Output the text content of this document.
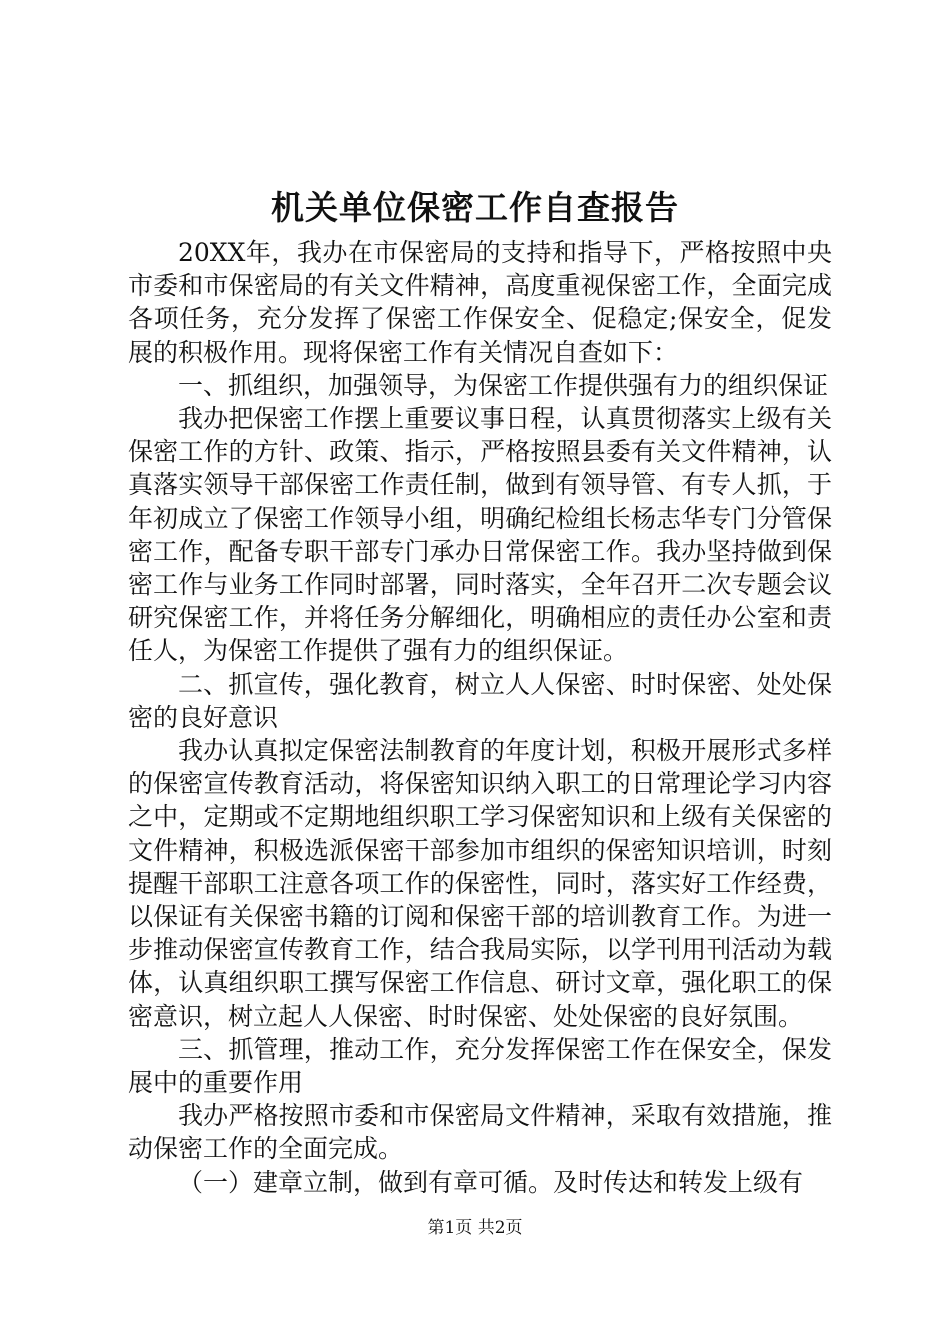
机关单位保密工作自查报告

20XX年，我办在市保密局的支持和指导下，严格按照中央市委和市保密局的有关文件精神，高度重视保密工作，全面完成各项任务，充分发挥了保密工作保安全、促稳定;保安全，促发展的积极作用。现将保密工作有关情况自查如下：

一、抓组织，加强领导，为保密工作提供强有力的组织保证

我办把保密工作摆上重要议事日程，认真贯彻落实上级有关保密工作的方针、政策、指示，严格按照县委有关文件精神，认真落实领导干部保密工作责任制，做到有领导管、有专人抓，于年初成立了保密工作领导小组，明确纪检组长杨志华专门分管保密工作，配备专职干部专门承办日常保密工作。我办坚持做到保密工作与业务工作同时部署，同时落实，全年召开二次专题会议研究保密工作，并将任务分解细化，明确相应的责任办公室和责任人，为保密工作提供了强有力的组织保证。

二、抓宣传，强化教育，树立人人保密、时时保密、处处保密的良好意识

我办认真拟定保密法制教育的年度计划，积极开展形式多样的保密宣传教育活动，将保密知识纳入职工的日常理论学习内容之中，定期或不定期地组织职工学习保密知识和上级有关保密的文件精神，积极选派保密干部参加市组织的保密知识培训，时刻提醒干部职工注意各项工作的保密性，同时，落实好工作经费，以保证有关保密书籍的订阅和保密干部的培训教育工作。为进一步推动保密宣传教育工作，结合我局实际，以学刊用刊活动为载体，认真组织职工撰写保密工作信息、研讨文章，强化职工的保密意识，树立起人人保密、时时保密、处处保密的良好氛围。

三、抓管理，推动工作，充分发挥保密工作在保安全，保发展中的重要作用

我办严格按照市委和市保密局文件精神，采取有效措施，推动保密工作的全面完成。

（一）建章立制，做到有章可循。及时传达和转发上级有

第1页 共2页
